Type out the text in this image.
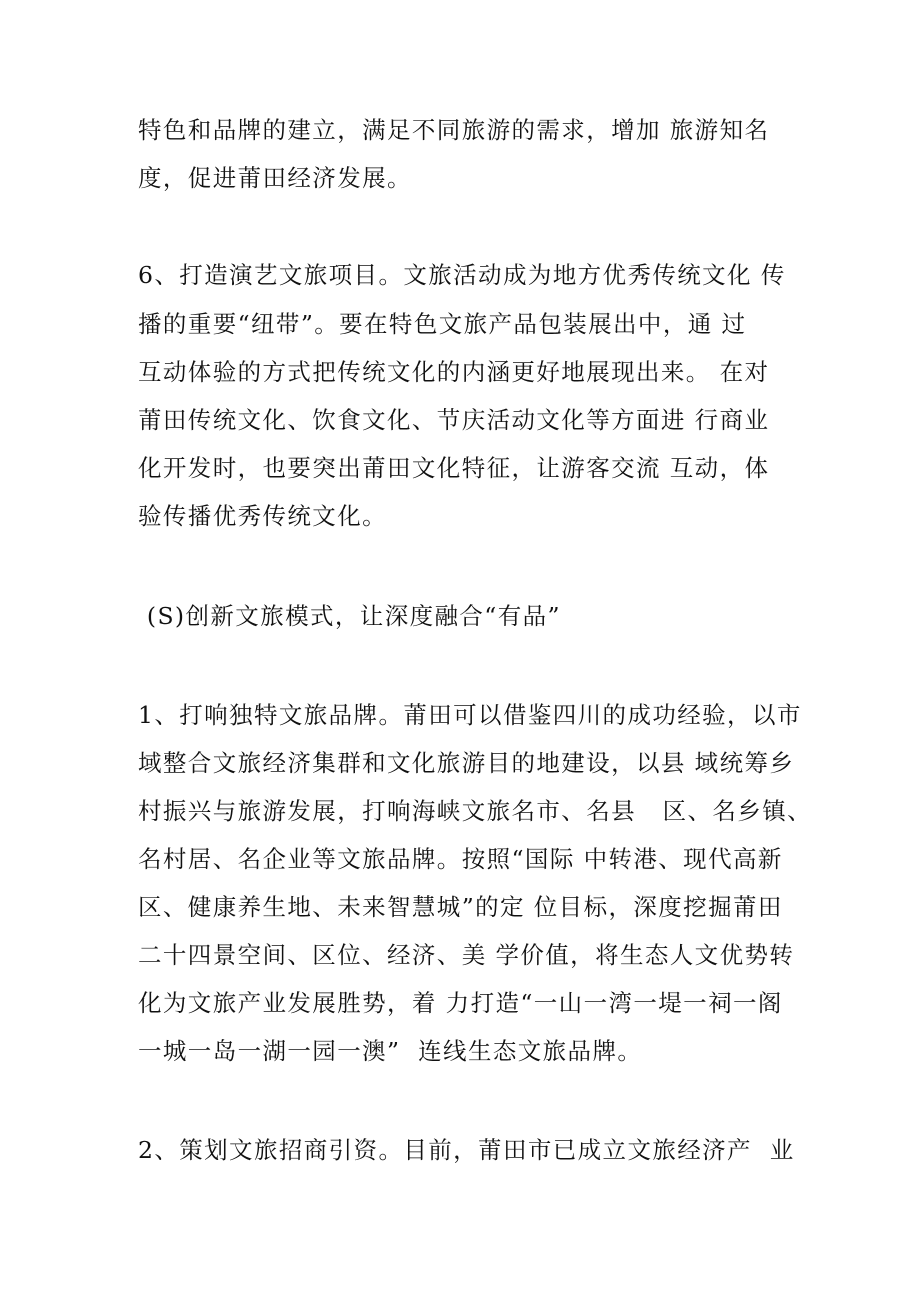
特色和品牌的建立，满足不同旅游的需求，增加 旅游知名
度，促进莆田经济发展。
6、打造演艺文旅项目。文旅活动成为地方优秀传统文化 传
播的重要“纽带”。要在特色文旅产品包装展出中，通 过
互动体验的方式把传统文化的内涵更好地展现出来。 在对
莆田传统文化、饮食文化、节庆活动文化等方面进 行商业
化开发时，也要突出莆田文化特征，让游客交流 互动，体
验传播优秀传统文化。
(S)创新文旅模式，让深度融合“有品”
1、打响独特文旅品牌。莆田可以借鉴四川的成功经验，以市
域整合文旅经济集群和文化旅游目的地建设，以县 域统筹乡
村振兴与旅游发展，打响海峡文旅名市、名县   区、名乡镇、
名村居、名企业等文旅品牌。按照“国际 中转港、现代高新
区、健康养生地、未来智慧城”的定 位目标，深度挖掘莆田
二十四景空间、区位、经济、美 学价值，将生态人文优势转
化为文旅产业发展胜势，着 力打造“一山一湾一堤一祠一阁
一城一岛一湖一园一澳”  连线生态文旅品牌。
2、策划文旅招商引资。目前，莆田市已成立文旅经济产  业
